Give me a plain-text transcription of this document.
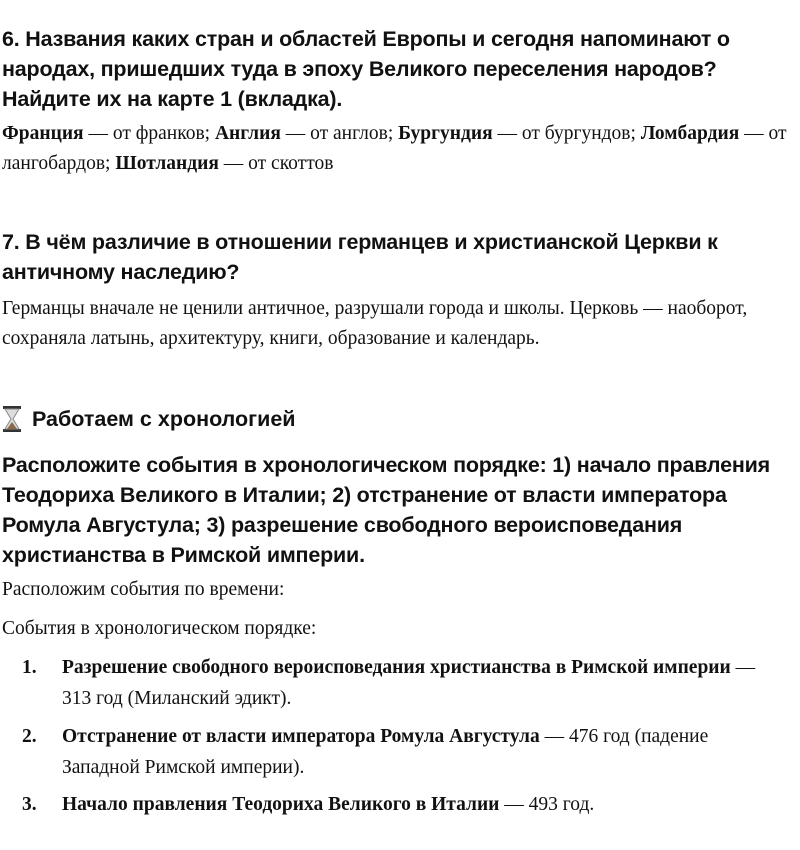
6. Названия каких стран и областей Европы и сегодня напоминают о народах, пришедших туда в эпоху Великого переселения народов? Найдите их на карте 1 (вкладка).
Франция — от франков; Англия — от англов; Бургундия — от бургундов; Ломбардия — от лангобардов; Шотландия — от скоттов
7. В чём различие в отношении германцев и христианской Церкви к античному наследию?
Германцы вначале не ценили античное, разрушали города и школы. Церковь — наоборот, сохраняла латынь, архитектуру, книги, образование и календарь.
Работаем с хронологией
Расположите события в хронологическом порядке: 1) начало правления Теодориха Великого в Италии; 2) отстранение от власти императора Ромула Августула; 3) разрешение свободного вероисповедания христианства в Римской империи.
Расположим события по времени:
События в хронологическом порядке:
1.	Разрешение свободного вероисповедания христианства в Римской империи — 313 год (Миланский эдикт).
2.	Отстранение от власти императора Ромула Августула — 476 год (падение Западной Римской империи).
3.	Начало правления Теодориха Великого в Италии — 493 год.
